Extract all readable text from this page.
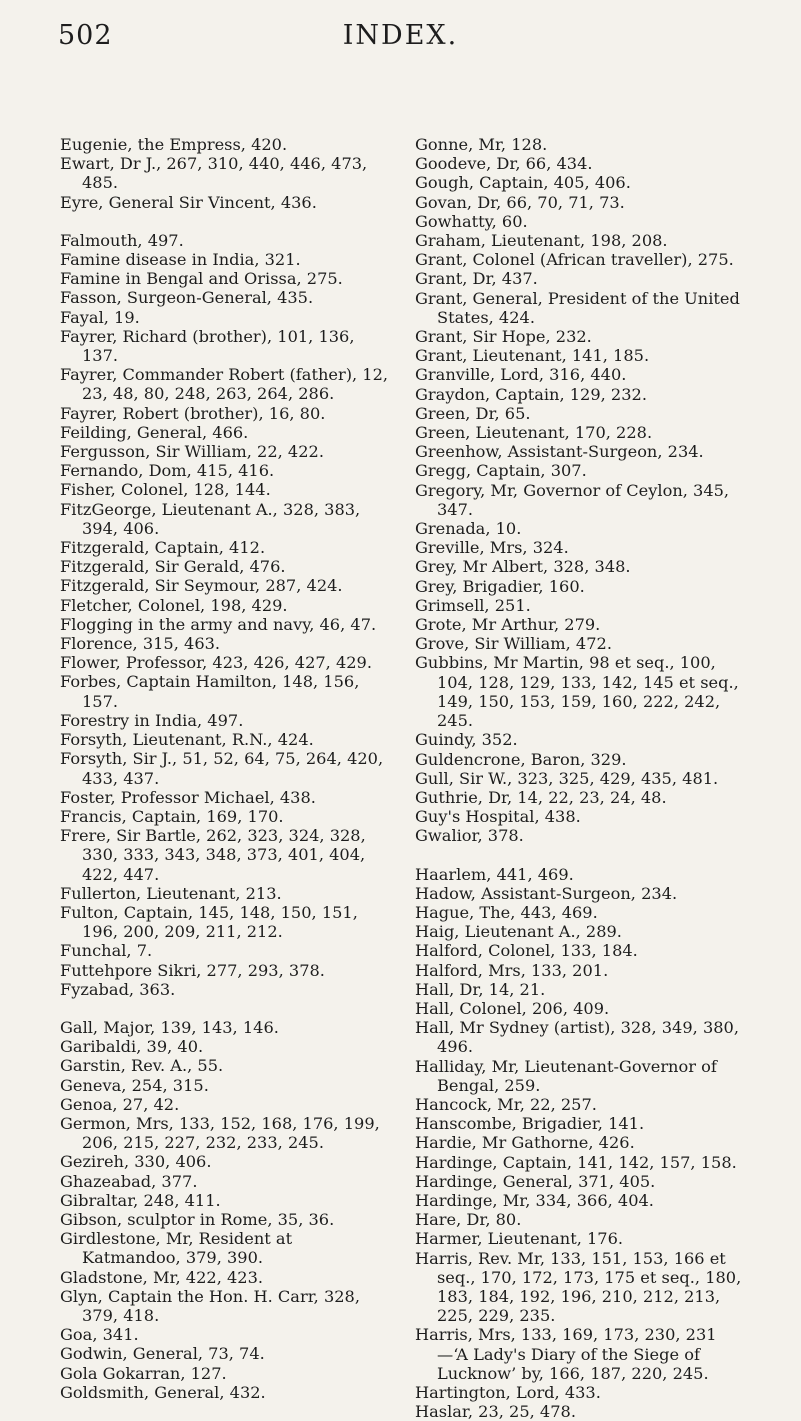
502	INDEX.

Eugenie, the Empress, 420.

Ewart, Dr J., 267, 310, 440, 446, 473, 485.

Eyre, General Sir Vincent, 436.

Falmouth, 497.

Famine disease in India, 321.

Famine in Bengal and Orissa, 275.

Fasson, Surgeon-General, 435.

Fayal, 19.

Fayrer, Richard (brother), 101, 136, 137.

Fayrer, Commander Robert (father), 12, 23, 48, 80, 248, 263, 264, 286.

Fayrer, Robert (brother), 16, 80.

Feilding, General, 466.

Fergusson, Sir William, 22, 422.

Fernando, Dom, 415, 416.

Fisher, Colonel, 128, 144.

FitzGeorge, Lieutenant A., 328, 383, 394, 406.

Fitzgerald, Captain, 412.

Fitzgerald, Sir Gerald, 476.

Fitzgerald, Sir Seymour, 287, 424.

Fletcher, Colonel, 198, 429.

Flogging in the army and navy, 46, 47.

Florence, 315, 463.

Flower, Professor, 423, 426, 427, 429.

Forbes, Captain Hamilton, 148, 156, 157.

Forestry in India, 497.

Forsyth, Lieutenant, R.N., 424.

Forsyth, Sir J., 51, 52, 64, 75, 264, 420, 433, 437.

Foster, Professor Michael, 438.

Francis, Captain, 169, 170.

Frere, Sir Bartle, 262, 323, 324, 328, 330, 333, 343, 348, 373, 401, 404, 422, 447.

Fullerton, Lieutenant, 213.

Fulton, Captain, 145, 148, 150, 151, 196, 200, 209, 211, 212.

Funchal, 7.

Futtehpore Sikri, 277, 293, 378.

Fyzabad, 363.

Gall, Major, 139, 143, 146.

Garibaldi, 39, 40.

Garstin, Rev. A., 55.

Geneva, 254, 315.

Genoa, 27, 42.

Germon, Mrs, 133, 152, 168, 176, 199, 206, 215, 227, 232, 233, 245.

Gezireh, 330, 406.

Ghazeabad, 377.

Gibraltar, 248, 411.

Gibson, sculptor in Rome, 35, 36.

Girdlestone, Mr, Resident at Katmandoo, 379, 390.

Gladstone, Mr, 422, 423.

Glyn, Captain the Hon. H. Carr, 328, 379, 418.

Goa, 341.

Godwin, General, 73, 74.

Gola Gokarran, 127.

Goldsmith, General, 432.

Gonne, Mr, 128.

Goodeve, Dr, 66, 434.

Gough, Captain, 405, 406.

Govan, Dr, 66, 70, 71, 73.

Gowhatty, 60.

Graham, Lieutenant, 198, 208.

Grant, Colonel (African traveller), 275.

Grant, Dr, 437.

Grant, General, President of the United States, 424.

Grant, Sir Hope, 232.

Grant, Lieutenant, 141, 185.

Granville, Lord, 316, 440.

Graydon, Captain, 129, 232.

Green, Dr, 65.

Green, Lieutenant, 170, 228.

Greenhow, Assistant-Surgeon, 234.

Gregg, Captain, 307.

Gregory, Mr, Governor of Ceylon, 345, 347.

Grenada, 10.

Greville, Mrs, 324.

Grey, Mr Albert, 328, 348.

Grey, Brigadier, 160.

Grimsell, 251.

Grote, Mr Arthur, 279.

Grove, Sir William, 472.

Gubbins, Mr Martin, 98 et seq., 100, 104, 128, 129, 133, 142, 145 et seq., 149, 150, 153, 159, 160, 222, 242, 245.

Guindy, 352.

Guldencrone, Baron, 329.

Gull, Sir W., 323, 325, 429, 435, 481.

Guthrie, Dr, 14, 22, 23, 24, 48.

Guy's Hospital, 438.

Gwalior, 378.

Haarlem, 441, 469.

Hadow, Assistant-Surgeon, 234.

Hague, The, 443, 469.

Haig, Lieutenant A., 289.

Halford, Colonel, 133, 184.

Halford, Mrs, 133, 201.

Hall, Dr, 14, 21.

Hall, Colonel, 206, 409.

Hall, Mr Sydney (artist), 328, 349, 380, 496.

Halliday, Mr, Lieutenant-Governor of Bengal, 259.

Hancock, Mr, 22, 257.

Hanscombe, Brigadier, 141.

Hardie, Mr Gathorne, 426.

Hardinge, Captain, 141, 142, 157, 158.

Hardinge, General, 371, 405.

Hardinge, Mr, 334, 366, 404.

Hare, Dr, 80.

Harmer, Lieutenant, 176.

Harris, Rev. Mr, 133, 151, 153, 166 et seq., 170, 172, 173, 175 et seq., 180, 183, 184, 192, 196, 210, 212, 213, 225, 229, 235.

Harris, Mrs, 133, 169, 173, 230, 231—‘A Lady's Diary of the Siege of Lucknow’ by, 166, 187, 220, 245.

Hartington, Lord, 433.

Haslar, 23, 25, 478.
